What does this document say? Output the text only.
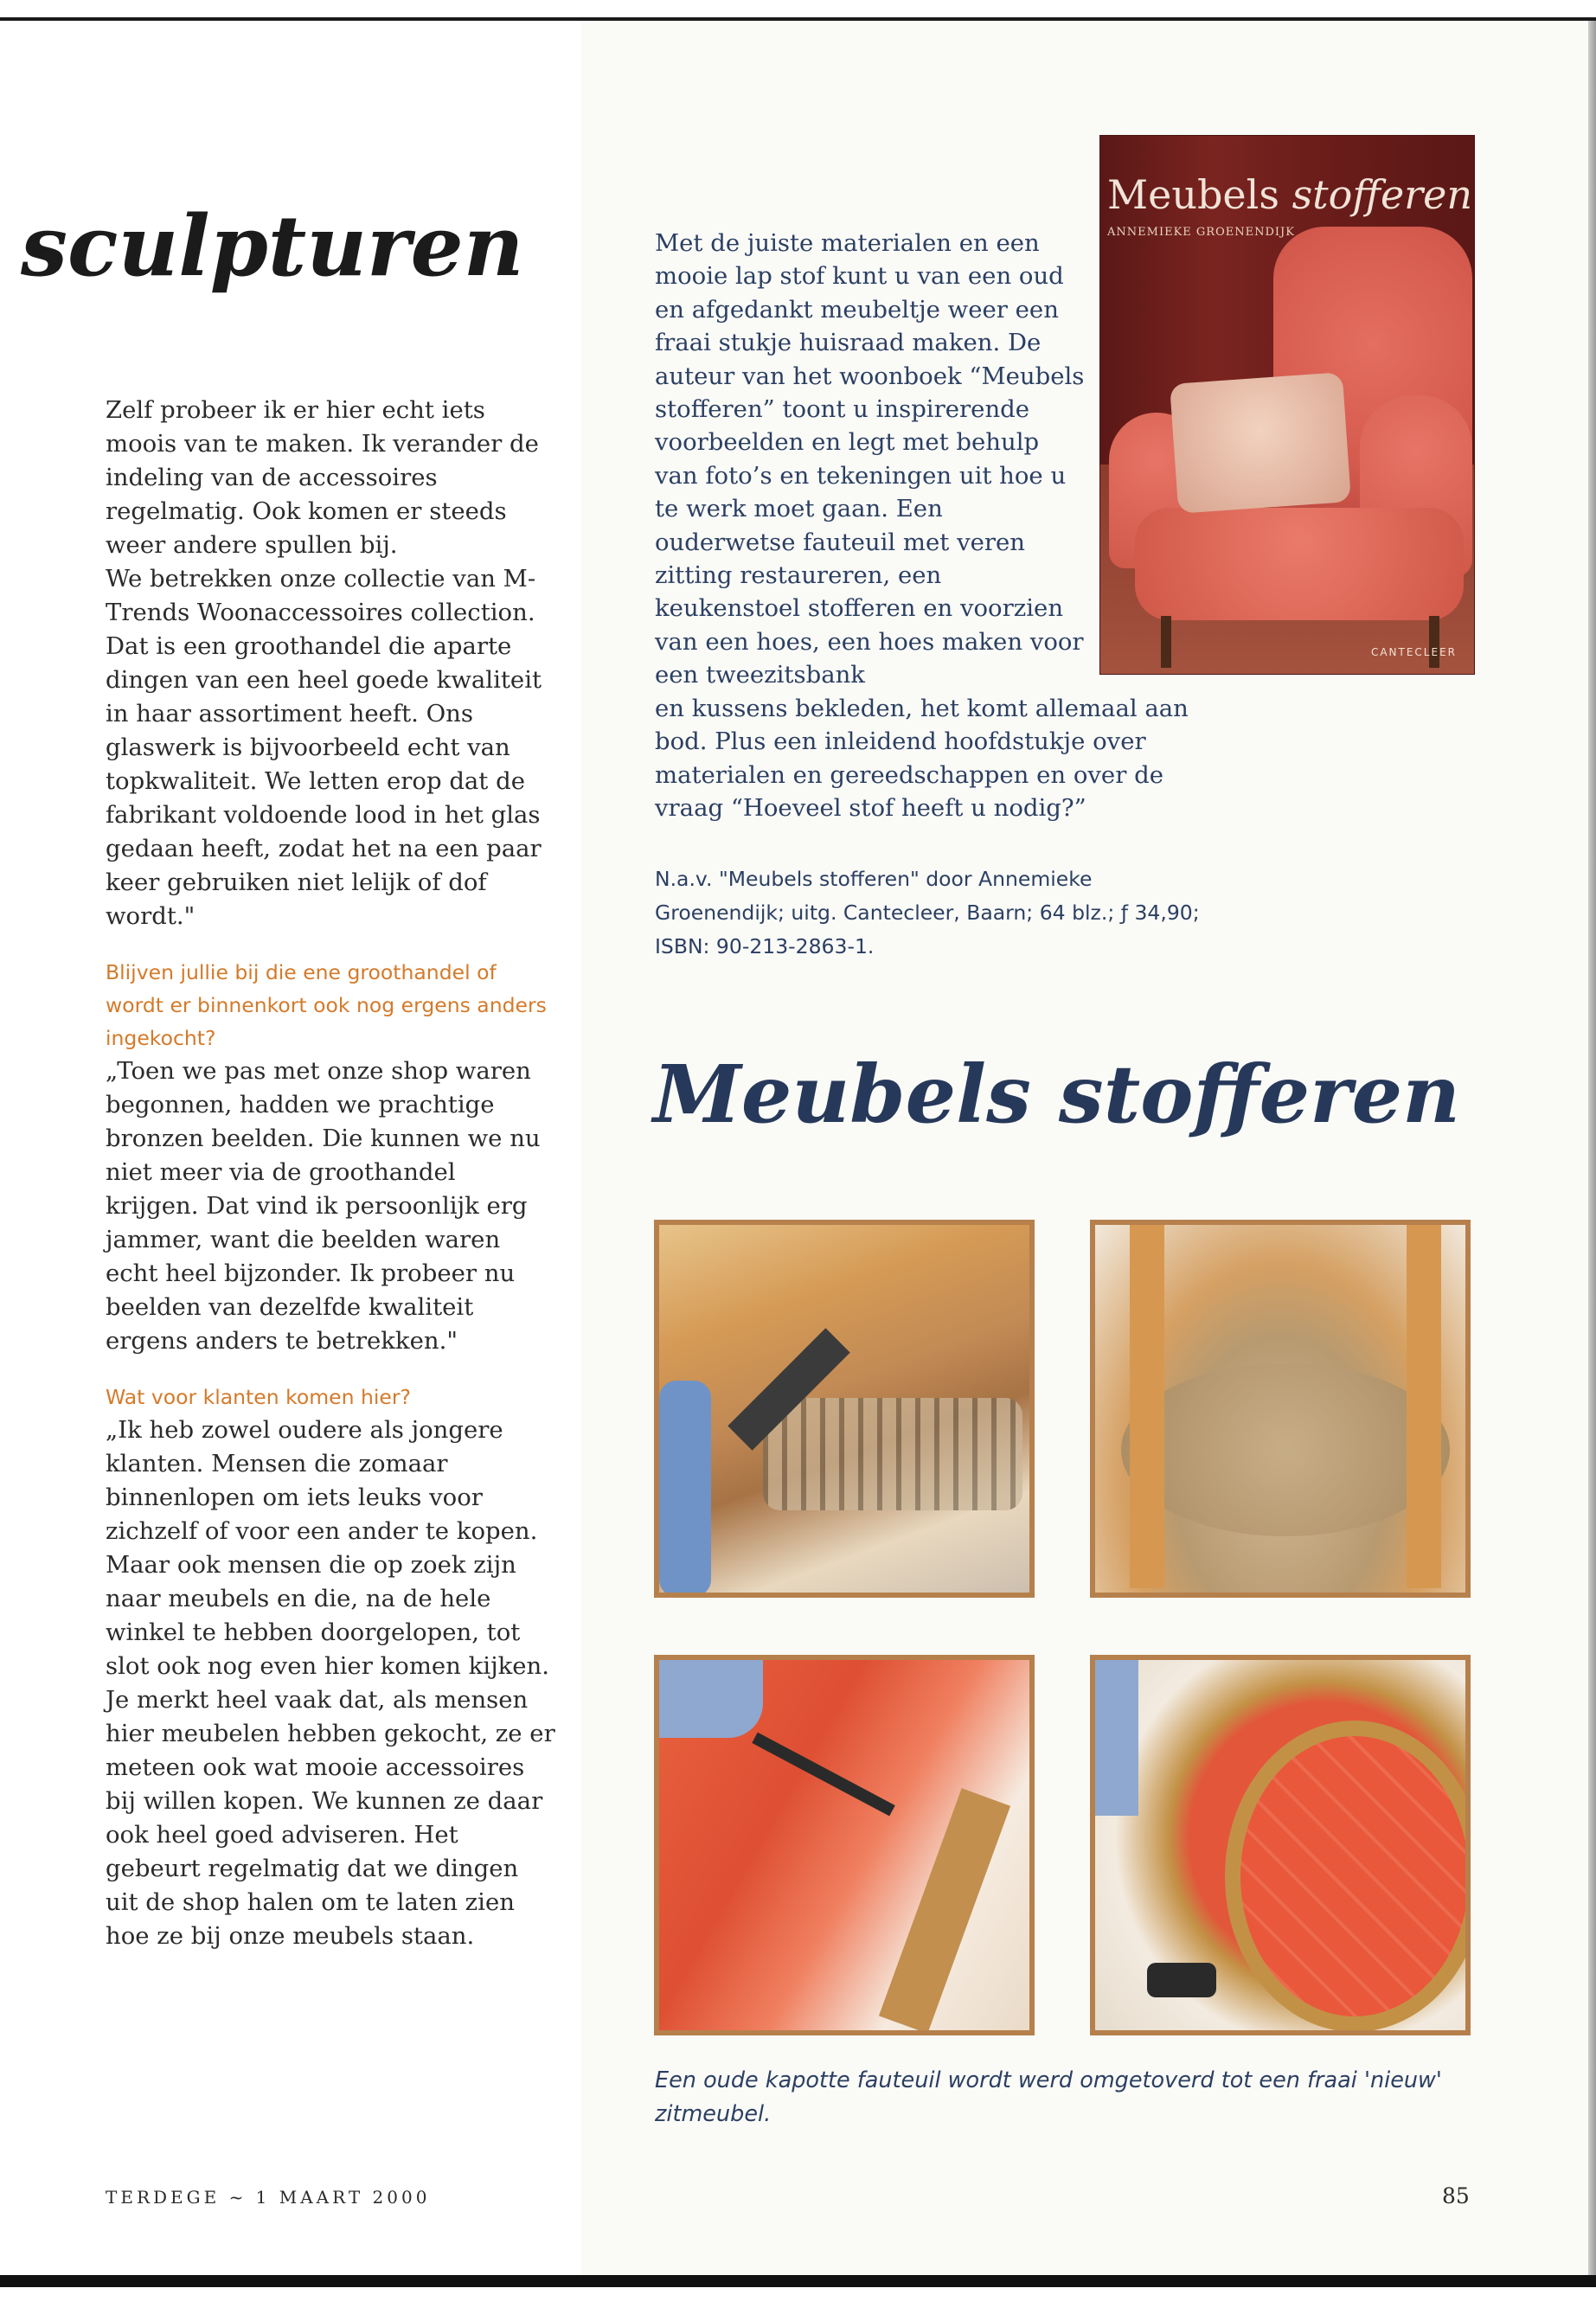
sculpturen

Zelf probeer ik er hier echt iets moois van te maken. Ik verander de indeling van de accessoires regelmatig. Ook komen er steeds weer andere spullen bij.

We betrekken onze collectie van M-Trends Woonaccessoires collection. Dat is een groothandel die aparte dingen van een heel goede kwaliteit in haar assortiment heeft. Ons glaswerk is bijvoorbeeld echt van topkwaliteit. We letten erop dat de fabrikant voldoende lood in het glas gedaan heeft, zodat het na een paar keer gebruiken niet lelijk of dof wordt."

Blijven jullie bij die ene groothandel of wordt er binnenkort ook nog ergens anders ingekocht?

„Toen we pas met onze shop waren begonnen, hadden we prachtige bronzen beelden. Die kunnen we nu niet meer via de groothandel krijgen. Dat vind ik persoonlijk erg jammer, want die beelden waren echt heel bijzonder. Ik probeer nu beelden van dezelfde kwaliteit ergens anders te betrekken."

Wat voor klanten komen hier?

„Ik heb zowel oudere als jongere klanten. Mensen die zomaar binnenlopen om iets leuks voor zichzelf of voor een ander te kopen. Maar ook mensen die op zoek zijn naar meubels en die, na de hele winkel te hebben doorgelopen, tot slot ook nog even hier komen kijken. Je merkt heel vaak dat, als mensen hier meubelen hebben gekocht, ze er meteen ook wat mooie accessoires bij willen kopen. We kunnen ze daar ook heel goed adviseren. Het gebeurt regelmatig dat we dingen uit de shop halen om te laten zien hoe ze bij onze meubels staan.

Meubels stofferen
ANNEMIEKE GROENENDIJK
CANTECLEER

Met de juiste materialen en een mooie lap stof kunt u van een oud en afgedankt meubeltje weer een fraai stukje huisraad maken. De auteur van het woonboek “Meubels stofferen” toont u inspirerende voorbeelden en legt met behulp van foto’s en tekeningen uit hoe u te werk moet gaan. Een ouderwetse fauteuil met veren zitting restaureren, een keukenstoel stofferen en voorzien van een hoes, een hoes maken voor een tweezitsbank

en kussens bekleden, het komt allemaal aan bod. Plus een inleidend hoofdstukje over materialen en gereedschappen en over de vraag “Hoeveel stof heeft u nodig?”

N.a.v. "Meubels stofferen" door Annemieke Groenendijk; uitg. Cantecleer, Baarn; 64 blz.; ƒ 34,90; ISBN: 90-213-2863-1.

Meubels stofferen

Een oude kapotte fauteuil wordt werd omgetoverd tot een fraai 'nieuw' zitmeubel.

TERDEGE ~ 1 MAART 2000	85
